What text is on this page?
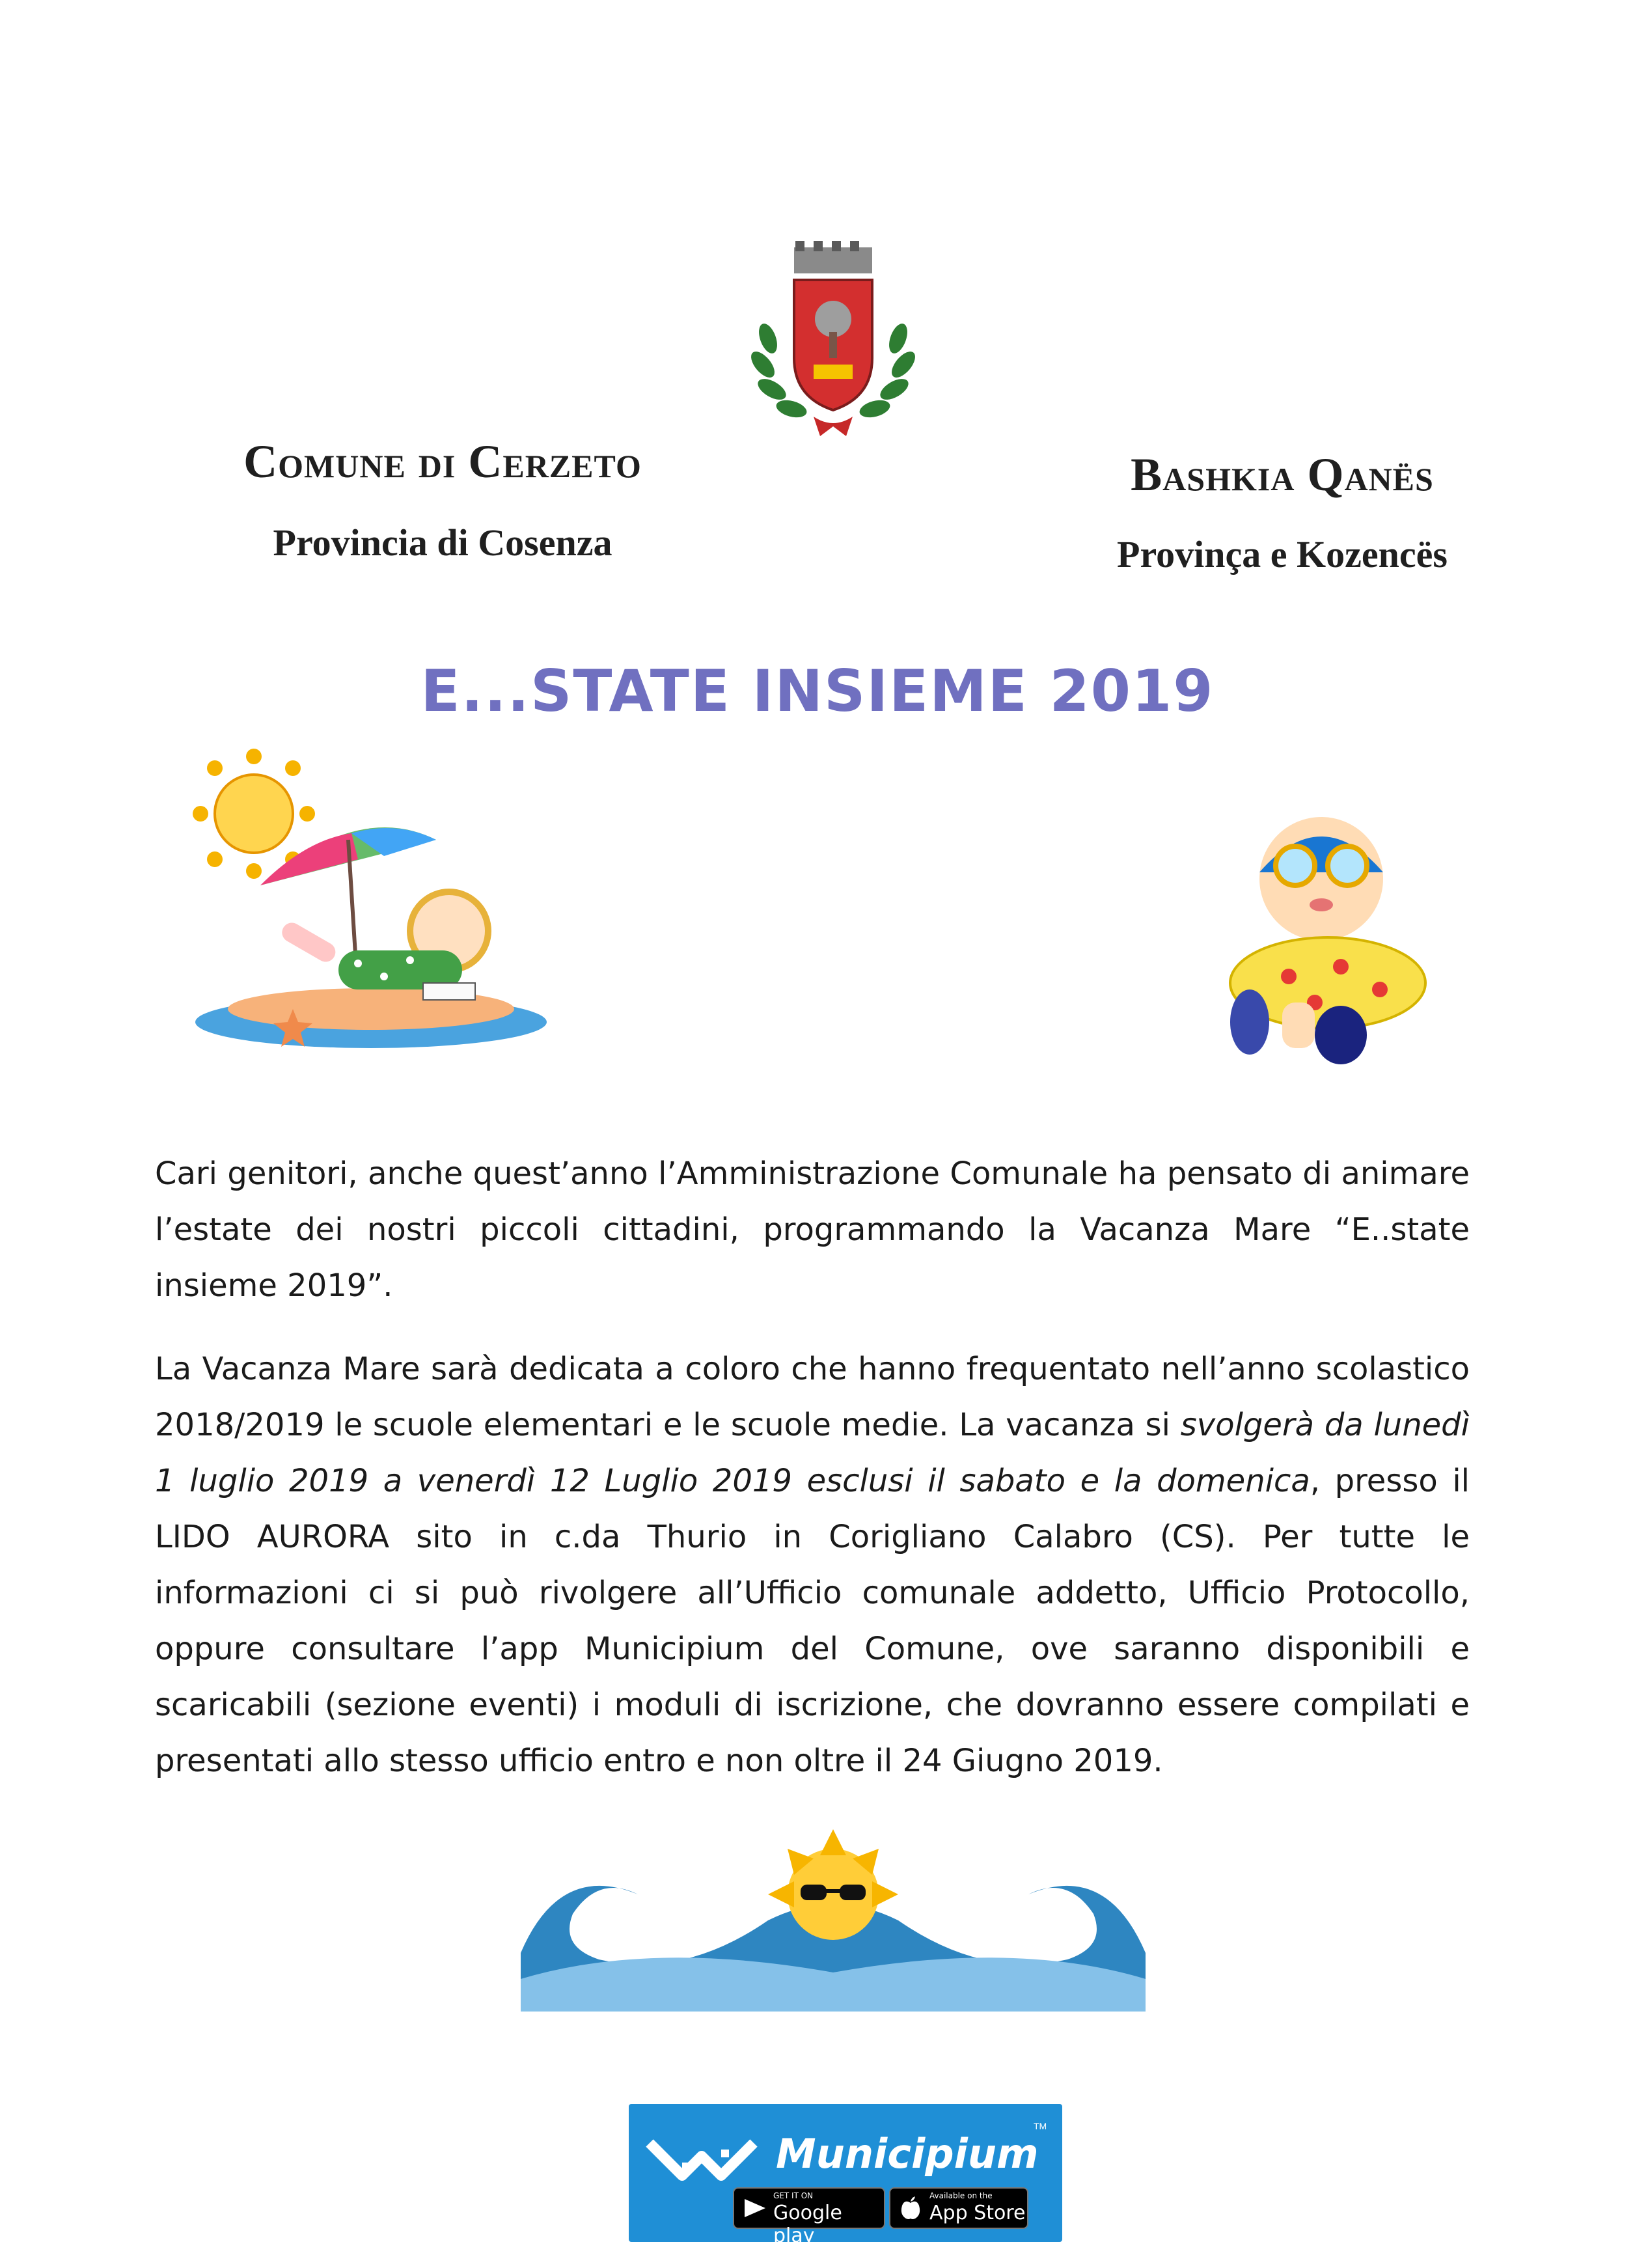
Comune di Cerzeto
Provincia di Cosenza
Bashkia Qanës
Provinça e Kozencës
E...STATE INSIEME 2019
Cari genitori, anche quest’anno l’Amministrazione Comunale ha pensato di animare l’estate dei nostri piccoli cittadini, programmando la Vacanza Mare “E..state insieme 2019”.
La Vacanza Mare sarà dedicata a coloro che hanno frequentato nell’anno scolastico 2018/2019 le scuole elementari e le scuole medie. La vacanza si svolgerà da lunedì 1 luglio 2019 a venerdì 12 Luglio 2019 esclusi il sabato e la domenica, presso il LIDO AURORA sito in c.da Thurio in Corigliano Calabro (CS). Per tutte le informazioni ci si può rivolgere all’Ufficio comunale addetto, Ufficio Protocollo, oppure consultare l’app Municipium del Comune, ove saranno disponibili e scaricabili (sezione eventi) i moduli di iscrizione, che dovranno essere compilati e presentati allo stesso ufficio entro e non oltre il 24 Giugno 2019.
Municipium
TM
GET IT ON
Google play
Available on the
App Store
